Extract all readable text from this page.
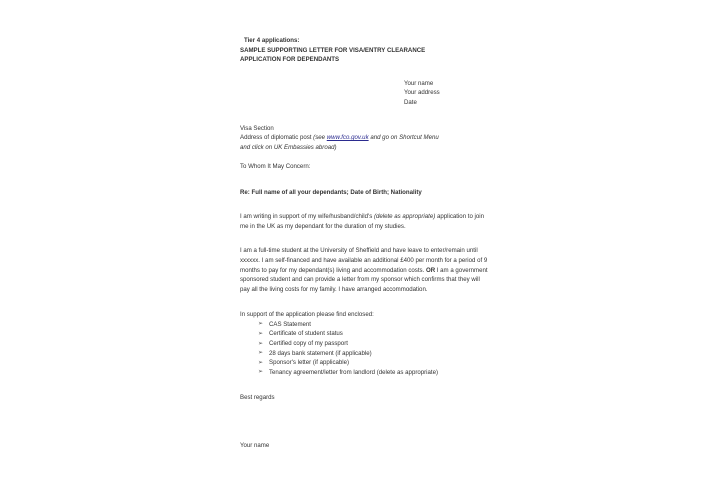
Tier 4 applications:
SAMPLE SUPPORTING LETTER FOR VISA/ENTRY CLEARANCE
APPLICATION FOR DEPENDANTS
Your name
Your address
Date
Visa Section
Address of diplomatic post (see www.fco.gov.uk and go on Shortcut Menu
and click on UK Embassies abroad)
To Whom It May Concern:
Re: Full name of all your dependants; Date of Birth; Nationality

I am writing in support of my wife/husband/child's (delete as appropriate) application to join me in the UK as my dependant for the duration of my studies.

I am a full-time student at the University of Sheffield and have leave to enter/remain until xxxxxx. I am self-financed and have available an additional £400 per month for a period of 9 months to pay for my dependant(s) living and accommodation costs. OR I am a government sponsored student and can provide a letter from my sponsor which confirms that they will pay all the living costs for my family. I have arranged accommodation.

In support of the application please find enclosed:
➢ CAS Statement
➢ Certificate of student status
➢ Certified copy of my passport
➢ 28 days bank statement (if applicable)
➢ Sponsor's letter (if applicable)
➢ Tenancy agreement/letter from landlord (delete as appropriate)
Best regards
Your name
